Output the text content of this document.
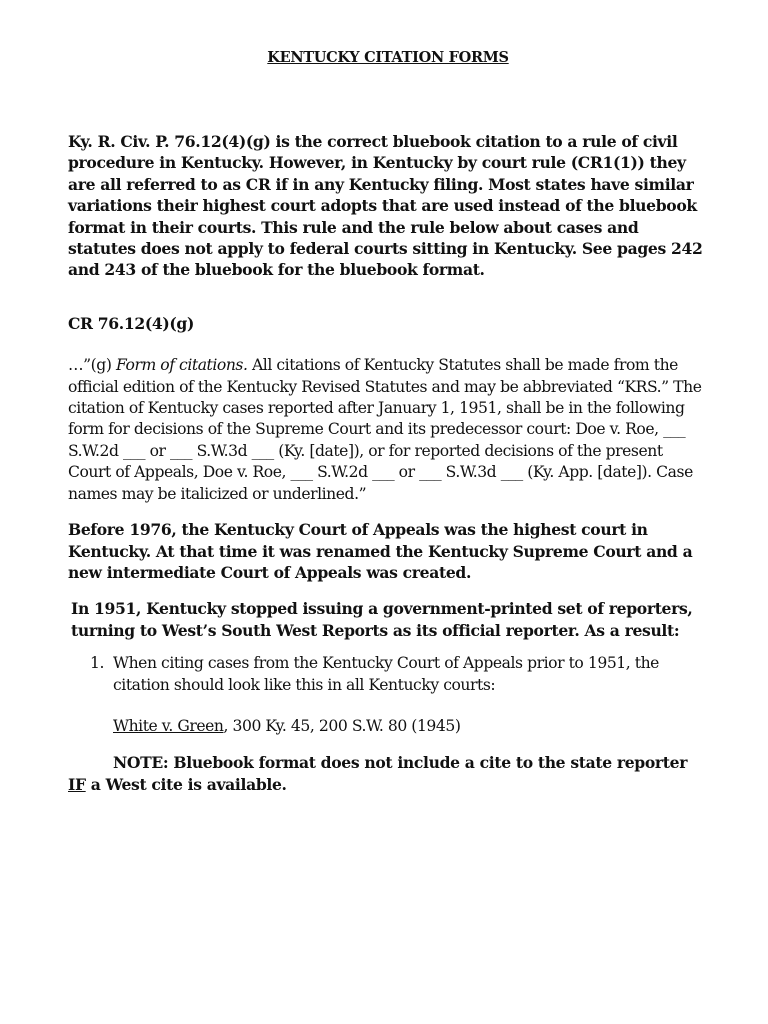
KENTUCKY CITATION FORMS

Ky. R. Civ. P. 76.12(4)(g) is the correct bluebook citation to a rule of civil procedure in Kentucky. However, in Kentucky by court rule (CR1(1)) they are all referred to as CR if in any Kentucky filing. Most states have similar variations their highest court adopts that are used instead of the bluebook format in their courts. This rule and the rule below about cases and statutes does not apply to federal courts sitting in Kentucky. See pages 242 and 243 of the bluebook for the bluebook format.

CR 76.12(4)(g)

…”(g) Form of citations. All citations of Kentucky Statutes shall be made from the official edition of the Kentucky Revised Statutes and may be abbreviated “KRS.” The citation of Kentucky cases reported after January 1, 1951, shall be in the following form for decisions of the Supreme Court and its predecessor court: Doe v. Roe, ___ S.W.2d ___ or ___ S.W.3d ___ (Ky. [date]), or for reported decisions of the present Court of Appeals, Doe v. Roe, ___ S.W.2d ___ or ___ S.W.3d ___ (Ky. App. [date]). Case names may be italicized or underlined.”

Before 1976, the Kentucky Court of Appeals was the highest court in Kentucky. At that time it was renamed the Kentucky Supreme Court and a new intermediate Court of Appeals was created.

In 1951, Kentucky stopped issuing a government-printed set of reporters, turning to West’s South West Reports as its official reporter. As a result:

1. When citing cases from the Kentucky Court of Appeals prior to 1951, the citation should look like this in all Kentucky courts:

White v. Green, 300 Ky. 45, 200 S.W. 80 (1945)

NOTE: Bluebook format does not include a cite to the state reporter IF a West cite is available.
